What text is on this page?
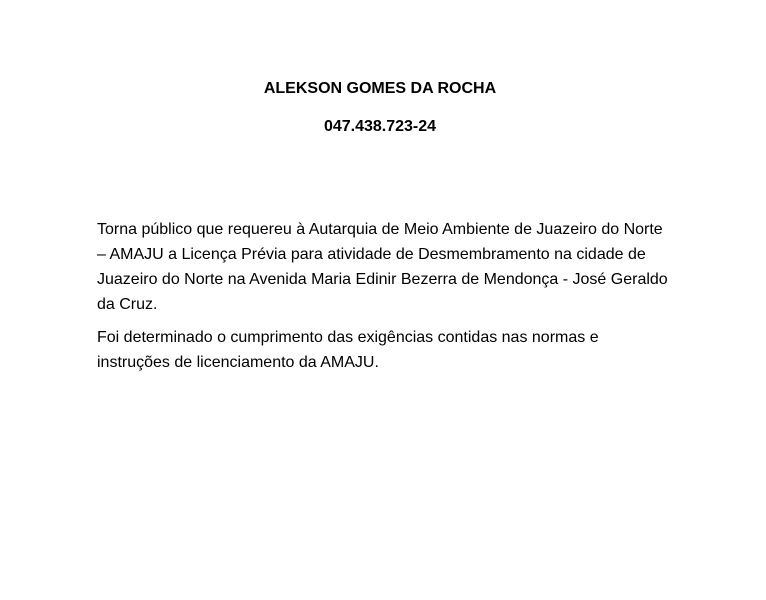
ALEKSON GOMES DA ROCHA
047.438.723-24

Torna público que requereu à Autarquia de Meio Ambiente de Juazeiro do Norte – AMAJU a Licença Prévia para atividade de Desmembramento na cidade de Juazeiro do Norte na Avenida Maria Edinir Bezerra de Mendonça - José Geraldo da Cruz.

Foi determinado o cumprimento das exigências contidas nas normas e instruções de licenciamento da AMAJU.
